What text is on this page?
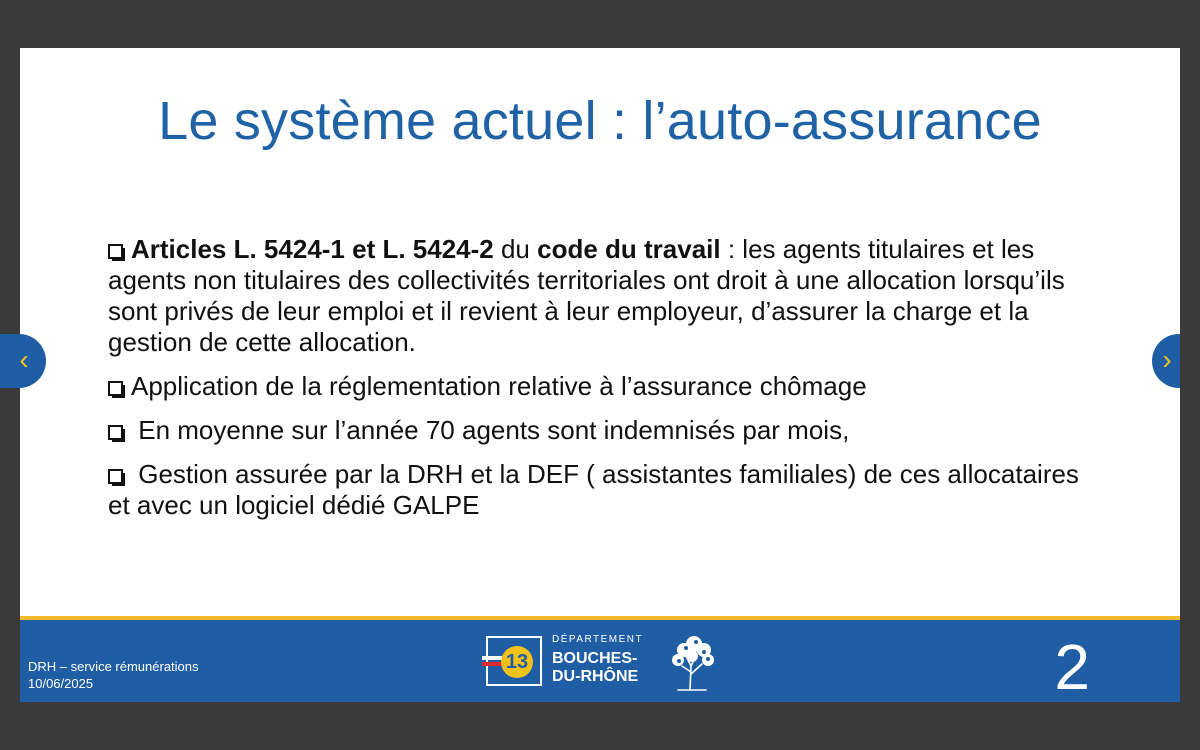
Le système actuel : l’auto-assurance

Articles L. 5424-1 et L. 5424-2 du code du travail : les agents titulaires et les agents non titulaires des collectivités territoriales ont droit à une allocation lorsqu’ils sont privés de leur emploi et il revient à leur employeur, d’assurer la charge et la gestion de cette allocation.

Application de la réglementation relative à l’assurance chômage

En moyenne sur l’année 70 agents sont indemnisés par mois,

Gestion assurée par la DRH et la DEF ( assistantes familiales) de ces allocataires et avec un logiciel dédié GALPE

DRH – service rémunérations
10/06/2025
13
DÉPARTEMENT
BOUCHES-
DU-RHÔNE	2
‹	›
